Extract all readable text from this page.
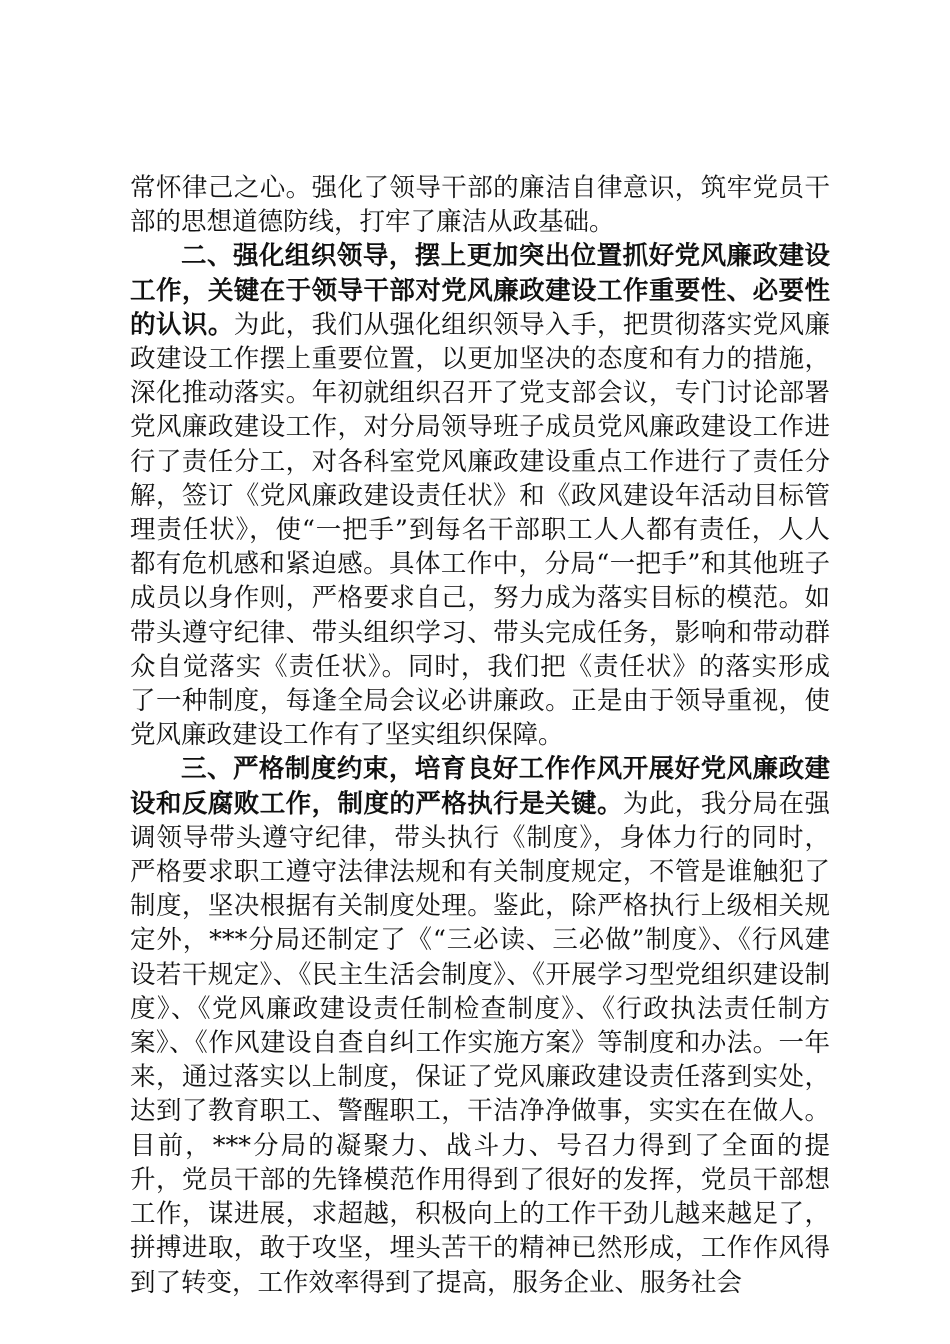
常怀律己之心。强化了领导干部的廉洁自律意识，筑牢党员干部的思想道德防线，打牢了廉洁从政基础。

二、强化组织领导，摆上更加突出位置抓好党风廉政建设工作，关键在于领导干部对党风廉政建设工作重要性、必要性的认识。为此，我们从强化组织领导入手，把贯彻落实党风廉政建设工作摆上重要位置，以更加坚决的态度和有力的措施，深化推动落实。年初就组织召开了党支部会议，专门讨论部署党风廉政建设工作，对分局领导班子成员党风廉政建设工作进行了责任分工，对各科室党风廉政建设重点工作进行了责任分解，签订《党风廉政建设责任状》和《政风建设年活动目标管理责任状》，使“一把手”到每名干部职工人人都有责任，人人都有危机感和紧迫感。具体工作中，分局“一把手”和其他班子成员以身作则，严格要求自己，努力成为落实目标的模范。如带头遵守纪律、带头组织学习、带头完成任务，影响和带动群众自觉落实《责任状》。同时，我们把《责任状》的落实形成了一种制度，每逢全局会议必讲廉政。正是由于领导重视，使党风廉政建设工作有了坚实组织保障。

三、严格制度约束，培育良好工作作风开展好党风廉政建设和反腐败工作，制度的严格执行是关键。为此，我分局在强调领导带头遵守纪律，带头执行《制度》，身体力行的同时，严格要求职工遵守法律法规和有关制度规定，不管是谁触犯了制度，坚决根据有关制度处理。鉴此，除严格执行上级相关规定外，***分局还制定了《“三必读、三必做”制度》、《行风建设若干规定》、《民主生活会制度》、《开展学习型党组织建设制度》、《党风廉政建设责任制检查制度》、《行政执法责任制方案》、《作风建设自查自纠工作实施方案》等制度和办法。一年来，通过落实以上制度，保证了党风廉政建设责任落到实处，达到了教育职工、警醒职工，干洁净净做事，实实在在做人。目前，***分局的凝聚力、战斗力、号召力得到了全面的提升，党员干部的先锋模范作用得到了很好的发挥，党员干部想工作，谋进展，求超越，积极向上的工作干劲儿越来越足了，拼搏进取，敢于攻坚，埋头苦干的精神已然形成，工作作风得到了转变，工作效率得到了提高，服务企业、服务社会
